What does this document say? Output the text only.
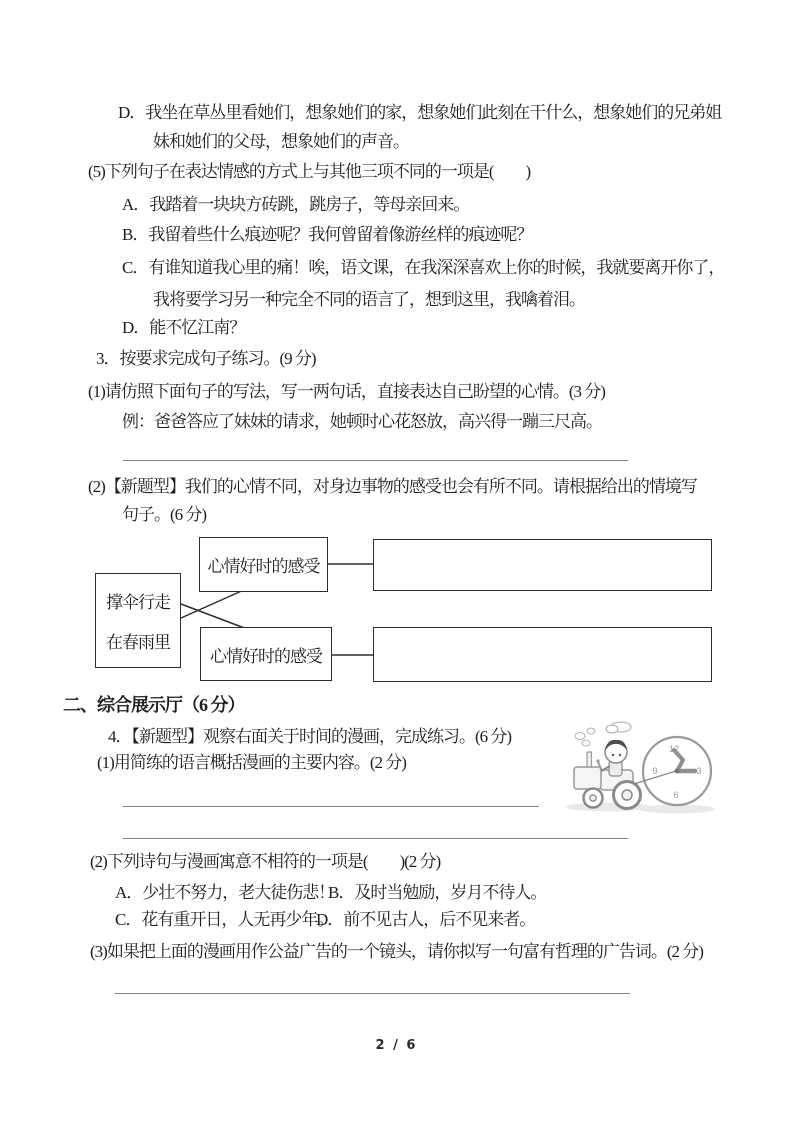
D．我坐在草丛里看她们，想象她们的家，想象她们此刻在干什么，想象她们的兄弟姐
妹和她们的父母，想象她们的声音。
(5)下列句子在表达情感的方式上与其他三项不同的一项是(　　)
A．我踏着一块块方砖跳，跳房子，等母亲回来。
B．我留着些什么痕迹呢？我何曾留着像游丝样的痕迹呢？
C．有谁知道我心里的痛！唉，语文课，在我深深喜欢上你的时候，我就要离开你了，
我将要学习另一种完全不同的语言了，想到这里，我噙着泪。
D．能不忆江南？
3．按要求完成句子练习。(9 分)
(1)请仿照下面句子的写法，写一两句话，直接表达自己盼望的心情。(3 分)
例：爸爸答应了妹妹的请求，她顿时心花怒放，高兴得一蹦三尺高。
(2)【新题型】我们的心情不同，对身边事物的感受也会有所不同。请根据给出的情境写
句子。(6 分)
撑伞行走
在春雨里
心情好时的感受
心情好时的感受
二、综合展示厅（6 分）
4．【新题型】观察右面关于时间的漫画，完成练习。(6 分)
(1)用简练的语言概括漫画的主要内容。(2 分)
12
3
6
9
(2)下列诗句与漫画寓意不相符的一项是(　　)(2 分)
A．少壮不努力，老大徒伤悲！
B．及时当勉励，岁月不待人。
C．花有重开日，人无再少年。
D．前不见古人，后不见来者。
(3)如果把上面的漫画用作公益广告的一个镜头，请你拟写一句富有哲理的广告词。(2 分)
2 / 6
